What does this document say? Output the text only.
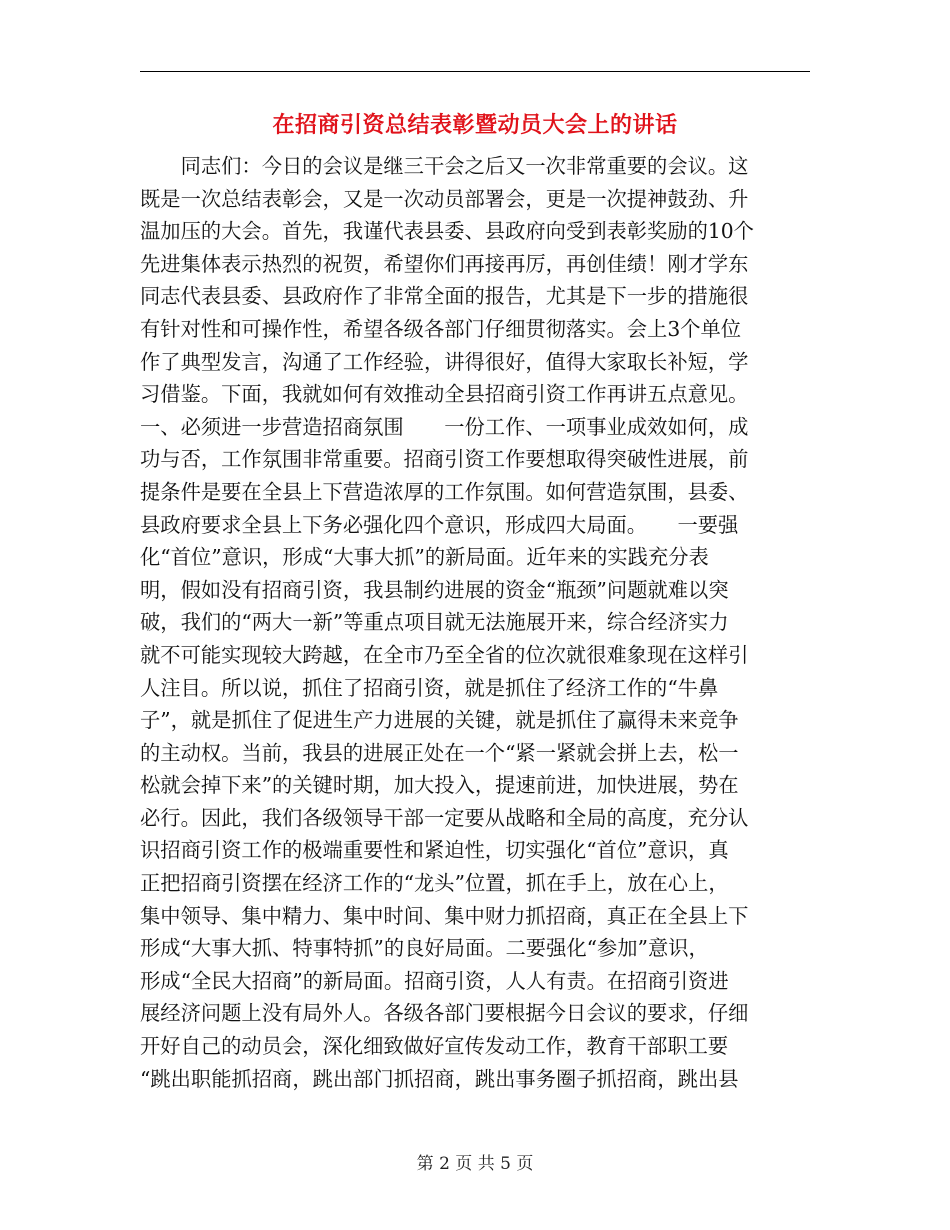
在招商引资总结表彰暨动员大会上的讲话
　　同志们：今日的会议是继三干会之后又一次非常重要的会议。这
既是一次总结表彰会，又是一次动员部署会，更是一次提神鼓劲、升
温加压的大会。首先，我谨代表县委、县政府向受到表彰奖励的10个
先进集体表示热烈的祝贺，希望你们再接再厉，再创佳绩！刚才学东
同志代表县委、县政府作了非常全面的报告，尤其是下一步的措施很
有针对性和可操作性，希望各级各部门仔细贯彻落实。会上3个单位
作了典型发言，沟通了工作经验，讲得很好，值得大家取长补短，学
习借鉴。下面，我就如何有效推动全县招商引资工作再讲五点意见。
一、必须进一步营造招商氛围　　一份工作、一项事业成效如何，成
功与否，工作氛围非常重要。招商引资工作要想取得突破性进展，前
提条件是要在全县上下营造浓厚的工作氛围。如何营造氛围，县委、
县政府要求全县上下务必强化四个意识，形成四大局面。　　一要强
化“首位”意识，形成“大事大抓”的新局面。近年来的实践充分表
明，假如没有招商引资，我县制约进展的资金“瓶颈”问题就难以突
破，我们的“两大一新”等重点项目就无法施展开来，综合经济实力
就不可能实现较大跨越，在全市乃至全省的位次就很难象现在这样引
人注目。所以说，抓住了招商引资，就是抓住了经济工作的“牛鼻
子”，就是抓住了促进生产力进展的关键，就是抓住了赢得未来竞争
的主动权。当前，我县的进展正处在一个“紧一紧就会拼上去，松一
松就会掉下来”的关键时期，加大投入，提速前进，加快进展，势在
必行。因此，我们各级领导干部一定要从战略和全局的高度，充分认
识招商引资工作的极端重要性和紧迫性，切实强化“首位”意识，真
正把招商引资摆在经济工作的“龙头”位置，抓在手上，放在心上，
集中领导、集中精力、集中时间、集中财力抓招商，真正在全县上下
形成“大事大抓、特事特抓”的良好局面。二要强化“参加”意识，
形成“全民大招商”的新局面。招商引资，人人有责。在招商引资进
展经济问题上没有局外人。各级各部门要根据今日会议的要求，仔细
开好自己的动员会，深化细致做好宣传发动工作，教育干部职工要
“跳出职能抓招商，跳出部门抓招商，跳出事务圈子抓招商，跳出县
第 2 页 共 5 页
